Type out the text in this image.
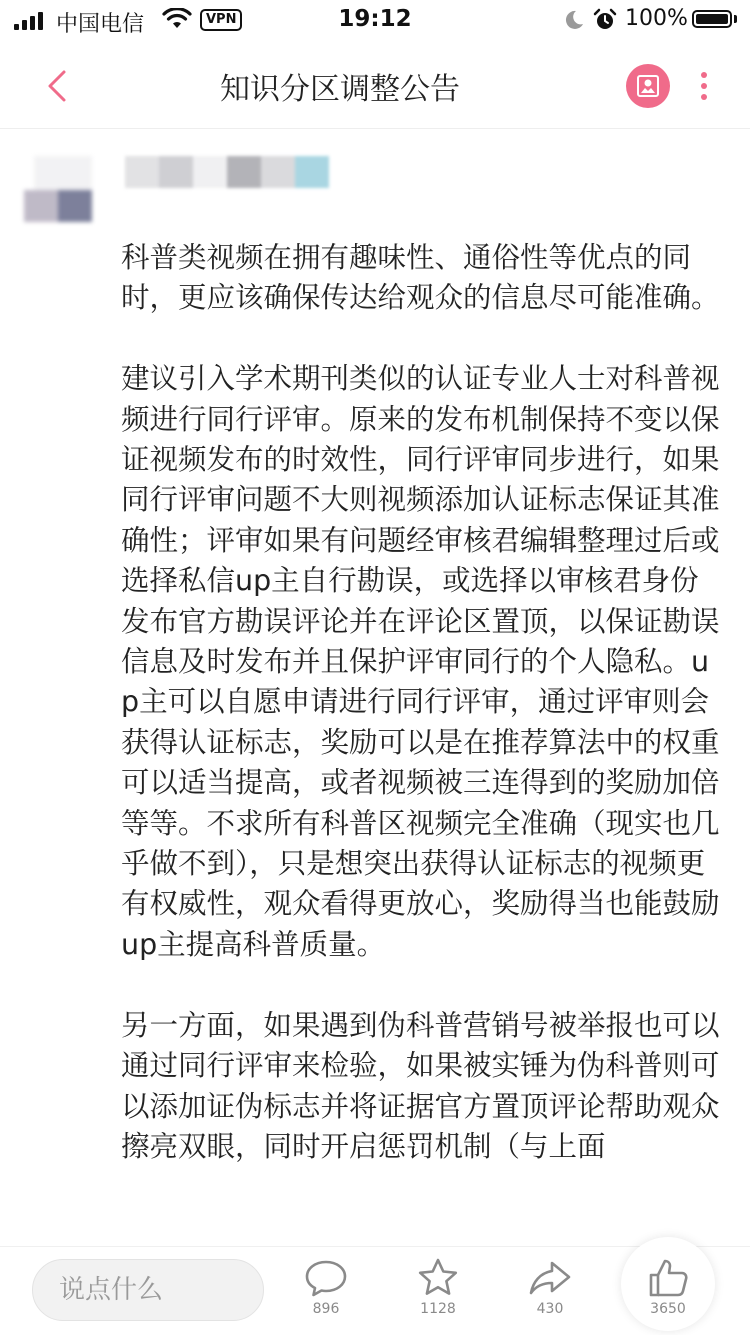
中国电信	VPN	19:12	100%
知识分区调整公告

科普类视频在拥有趣味性、通俗性等优点的同时，更应该确保传达给观众的信息尽可能准确。

建议引入学术期刊类似的认证专业人士对科普视频进行同行评审。原来的发布机制保持不变以保证视频发布的时效性，同行评审同步进行，如果同行评审问题不大则视频添加认证标志保证其准确性；评审如果有问题经审核君编辑整理过后或选择私信up主自行勘误，或选择以审核君身份发布官方勘误评论并在评论区置顶，以保证勘误信息及时发布并且保护评审同行的个人隐私。up主可以自愿申请进行同行评审，通过评审则会获得认证标志，奖励可以是在推荐算法中的权重可以适当提高，或者视频被三连得到的奖励加倍等等。不求所有科普区视频完全准确（现实也几乎做不到），只是想突出获得认证标志的视频更有权威性，观众看得更放心，奖励得当也能鼓励up主提高科普质量。

另一方面，如果遇到伪科普营销号被举报也可以通过同行评审来检验，如果被实锤为伪科普则可以添加证伪标志并将证据官方置顶评论帮助观众擦亮双眼，同时开启惩罚机制（与上面

说点什么
896	1128	430	3650
